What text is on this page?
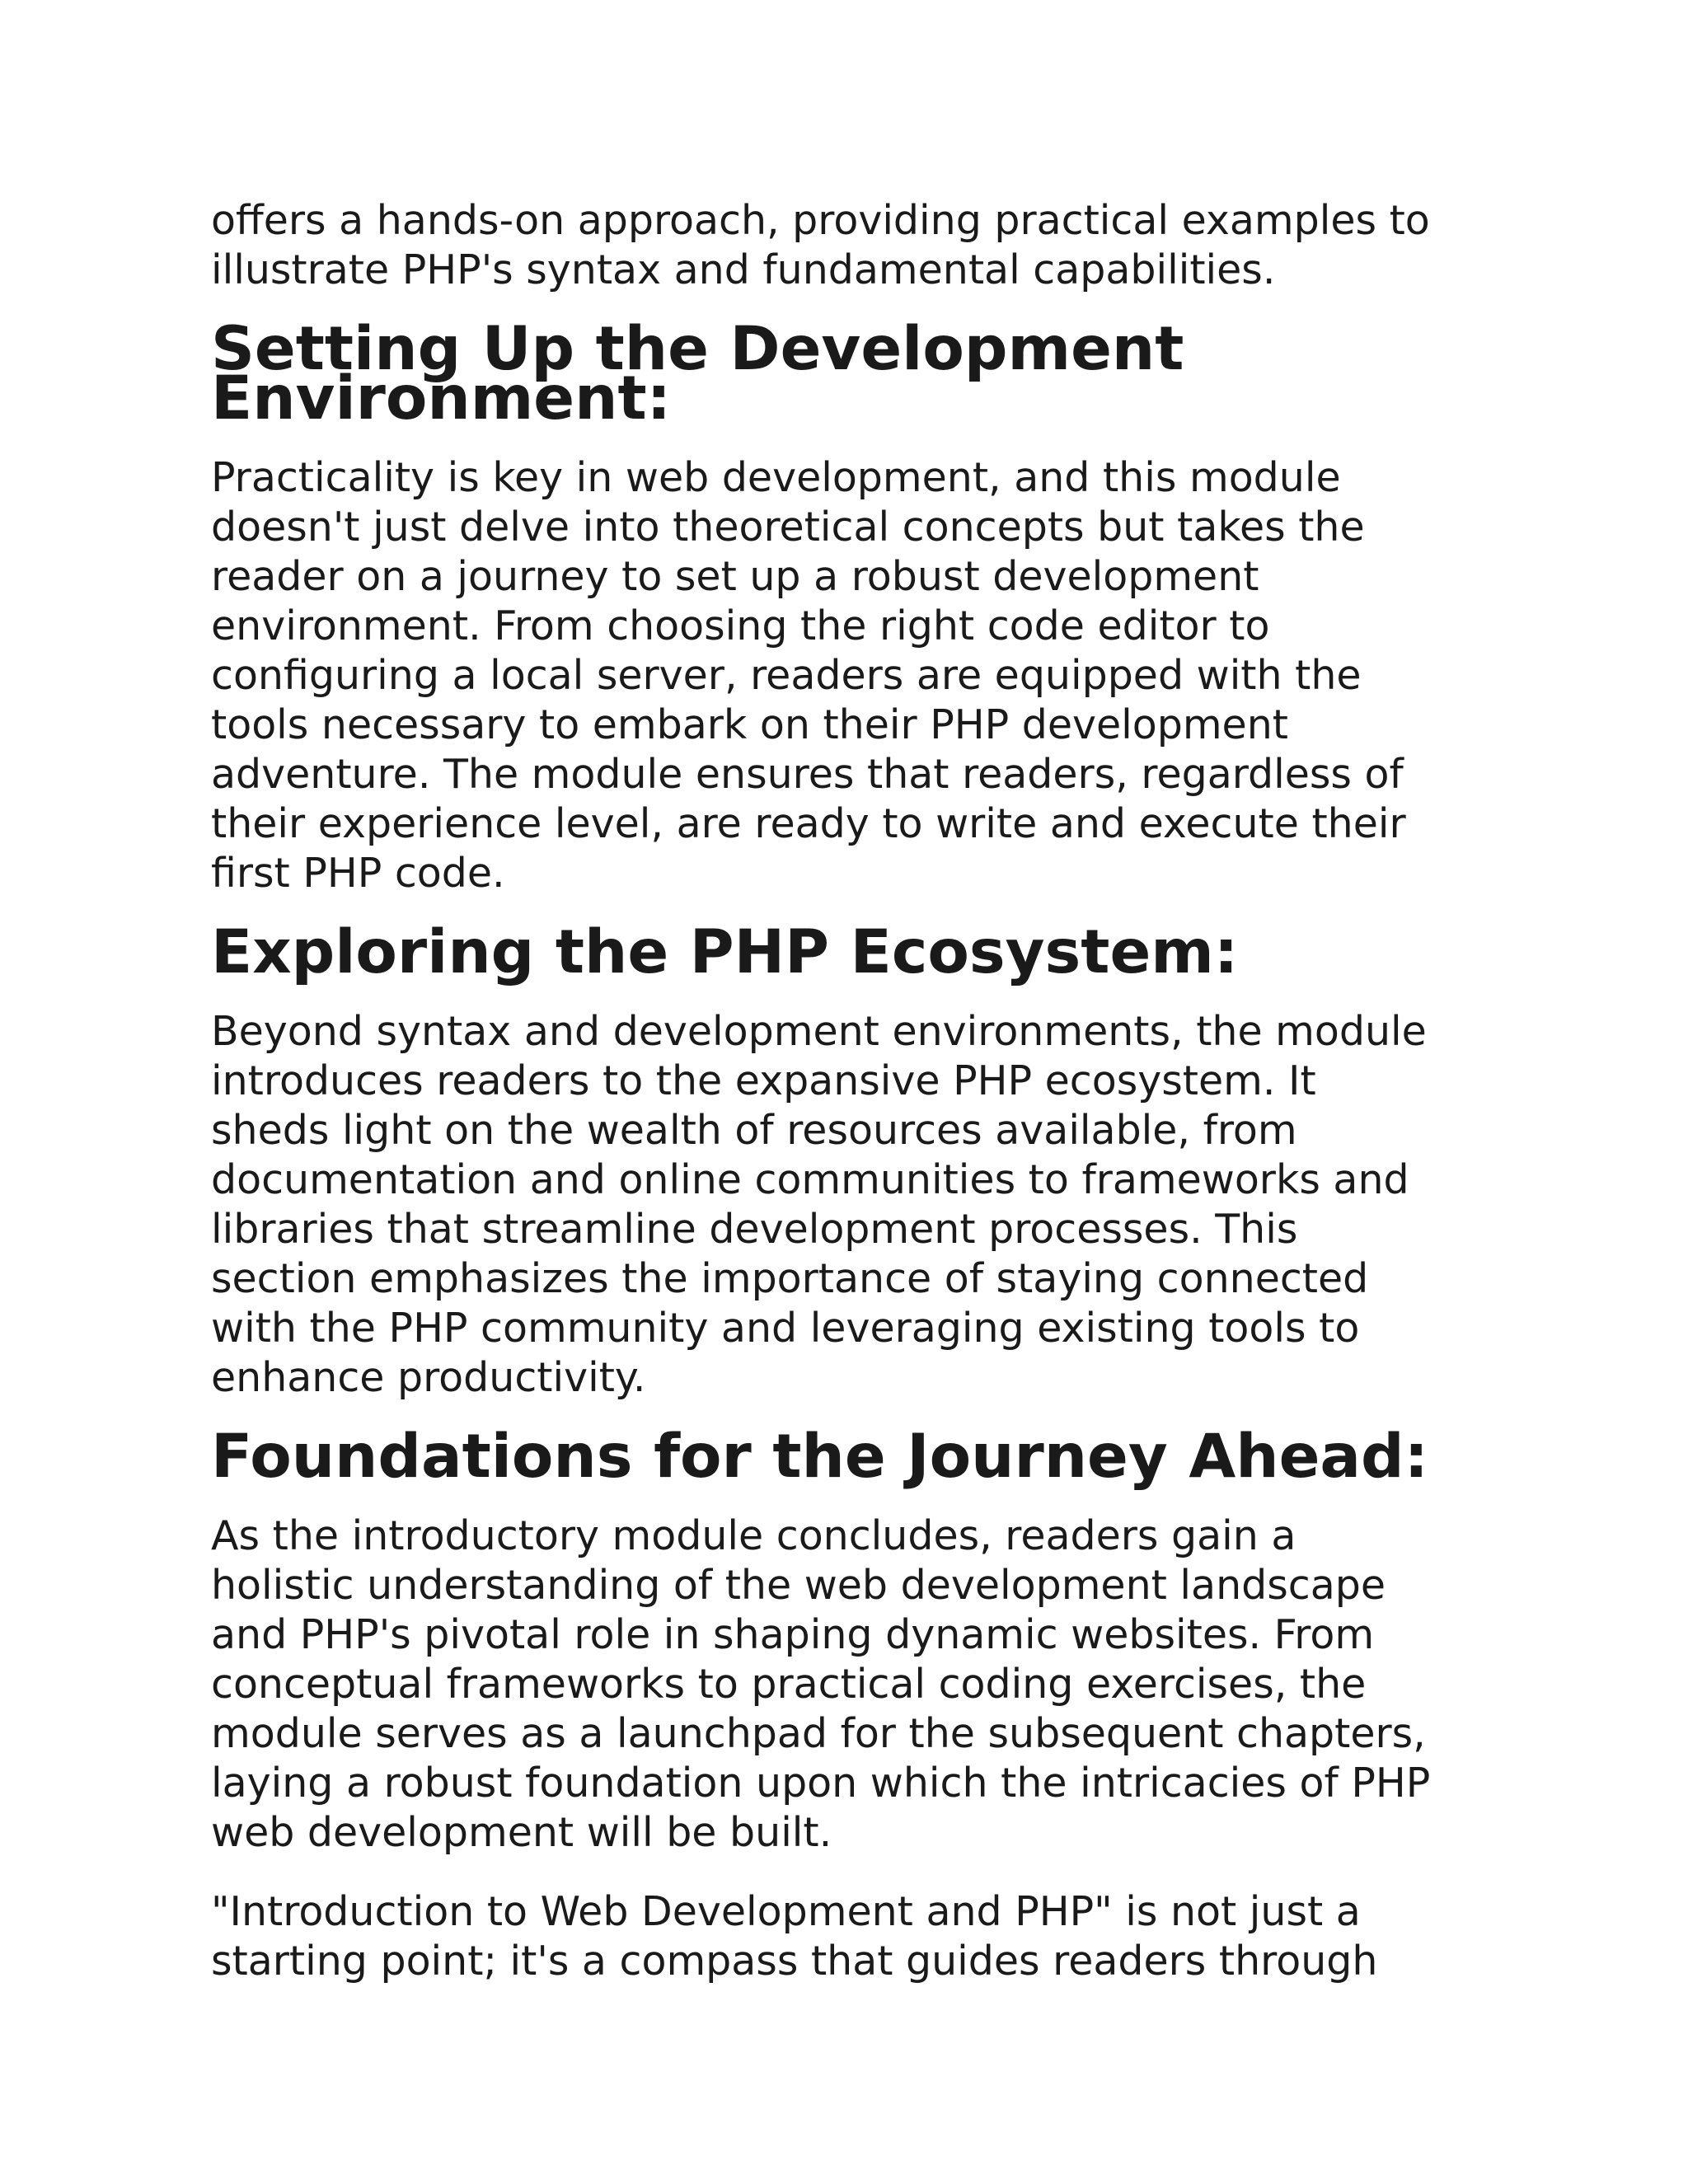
offers a hands-on approach, providing practical examples to
illustrate PHP's syntax and fundamental capabilities.

Setting Up the Development Environment:

Practicality is key in web development, and this module
doesn't just delve into theoretical concepts but takes the
reader on a journey to set up a robust development
environment. From choosing the right code editor to
configuring a local server, readers are equipped with the
tools necessary to embark on their PHP development
adventure. The module ensures that readers, regardless of
their experience level, are ready to write and execute their
first PHP code.

Exploring the PHP Ecosystem:

Beyond syntax and development environments, the module
introduces readers to the expansive PHP ecosystem. It
sheds light on the wealth of resources available, from
documentation and online communities to frameworks and
libraries that streamline development processes. This
section emphasizes the importance of staying connected
with the PHP community and leveraging existing tools to
enhance productivity.

Foundations for the Journey Ahead:

As the introductory module concludes, readers gain a
holistic understanding of the web development landscape
and PHP's pivotal role in shaping dynamic websites. From
conceptual frameworks to practical coding exercises, the
module serves as a launchpad for the subsequent chapters,
laying a robust foundation upon which the intricacies of PHP
web development will be built.

"Introduction to Web Development and PHP" is not just a
starting point; it's a compass that guides readers through
